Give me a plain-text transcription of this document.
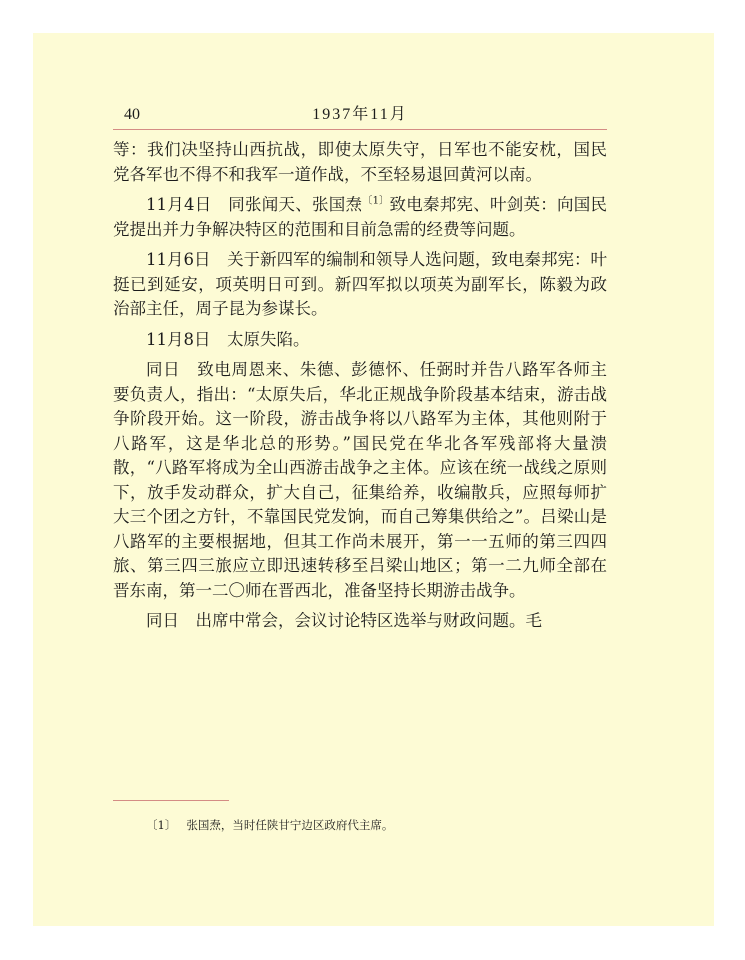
40	1937年11月

等：我们决坚持山西抗战，即使太原失守，日军也不能安枕，国民党各军也不得不和我军一道作战，不至轻易退回黄河以南。

11月4日　同张闻天、张国焘$^{〔1〕}$致电秦邦宪、叶剑英：向国民党提出并力争解决特区的范围和目前急需的经费等问题。

11月6日　关于新四军的编制和领导人选问题，致电秦邦宪：叶挺已到延安，项英明日可到。新四军拟以项英为副军长，陈毅为政治部主任，周子昆为参谋长。

11月8日　太原失陷。

同日　致电周恩来、朱德、彭德怀、任弼时并告八路军各师主要负责人，指出：“太原失后，华北正规战争阶段基本结束，游击战争阶段开始。这一阶段，游击战争将以八路军为主体，其他则附于八路军，这是华北总的形势。”国民党在华北各军残部将大量溃散，“八路军将成为全山西游击战争之主体。应该在统一战线之原则下，放手发动群众，扩大自己，征集给养，收编散兵，应照每师扩大三个团之方针，不靠国民党发饷，而自己筹集供给之”。吕梁山是八路军的主要根据地，但其工作尚未展开，第一一五师的第三四四旅、第三四三旅应立即迅速转移至吕梁山地区；第一二九师全部在晋东南，第一二〇师在晋西北，准备坚持长期游击战争。

同日　出席中常会，会议讨论特区选举与财政问题。毛

〔1〕 张国焘，当时任陕甘宁边区政府代主席。
